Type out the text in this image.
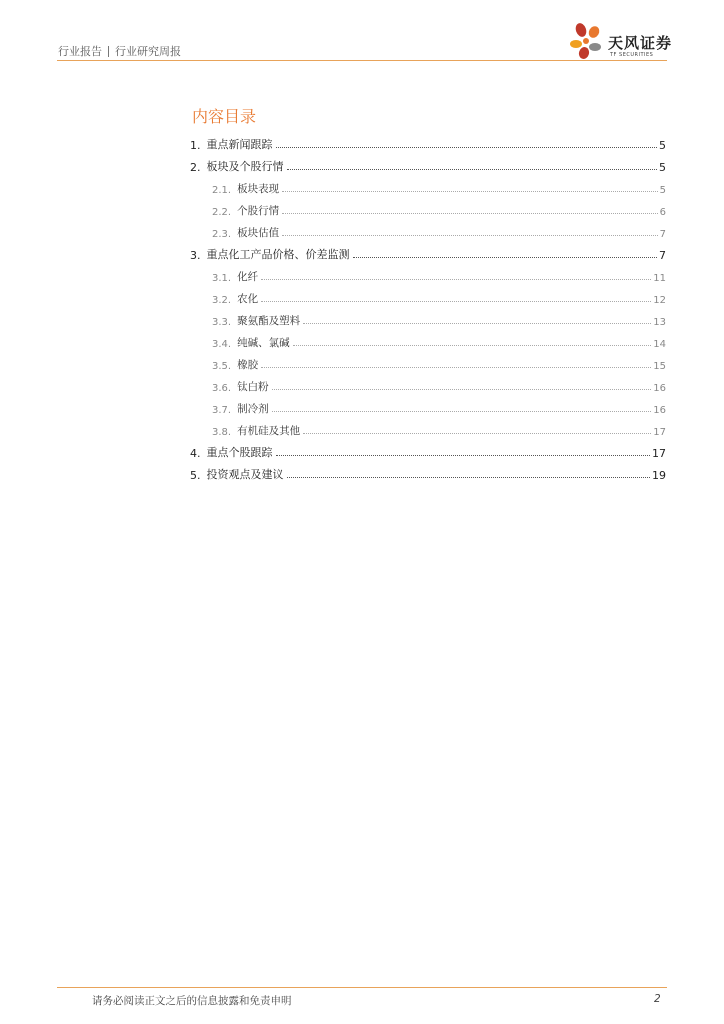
行业报告 行业研究周报	天风证券
TF SECURITIES
内容目录
1. 重点新闻跟踪	5
2. 板块及个股行情	5
2.1. 板块表现	5
2.2. 个股行情	6
2.3. 板块估值	7
3. 重点化工产品价格、价差监测	7
3.1. 化纤	11
3.2. 农化	12
3.3. 聚氨酯及塑料	13
3.4. 纯碱、氯碱	14
3.5. 橡胶	15
3.6. 钛白粉	16
3.7. 制冷剂	16
3.8. 有机硅及其他	17
4. 重点个股跟踪	17
5. 投资观点及建议	19
请务必阅读正文之后的信息披露和免责申明	2
